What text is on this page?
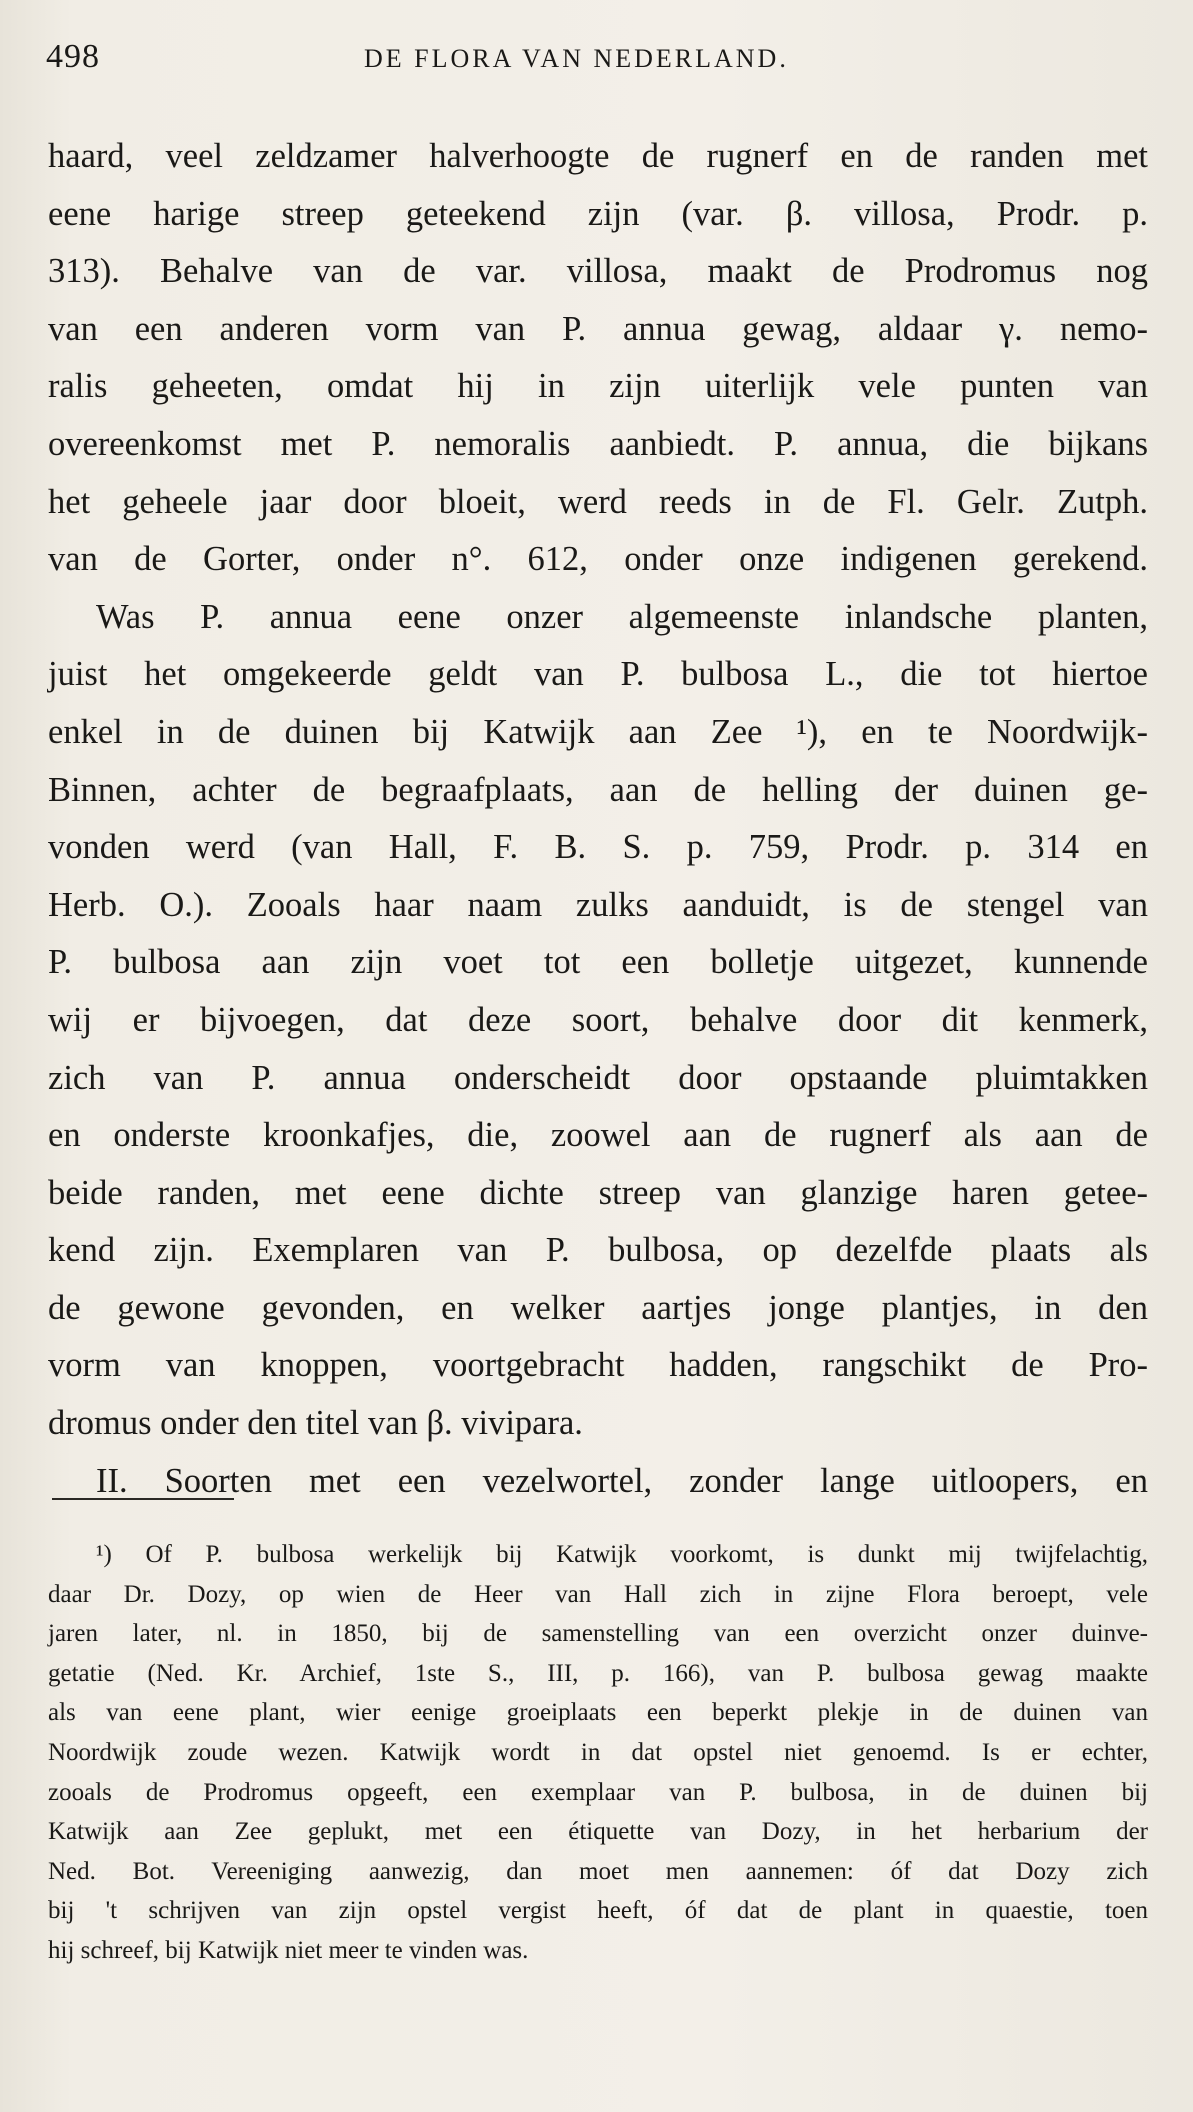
498	DE FLORA VAN NEDERLAND.
haard, veel zeldzamer halverhoogte de rugnerf en de randen met
eene harige streep geteekend zijn (var. β. villosa, Prodr. p.
313). Behalve van de var. villosa, maakt de Prodromus nog
van een anderen vorm van P. annua gewag, aldaar γ. nemo-
ralis geheeten, omdat hij in zijn uiterlijk vele punten van
overeenkomst met P. nemoralis aanbiedt. P. annua, die bijkans
het geheele jaar door bloeit, werd reeds in de Fl. Gelr. Zutph.
van de Gorter, onder n°. 612, onder onze indigenen gerekend.
Was P. annua eene onzer algemeenste inlandsche planten,
juist het omgekeerde geldt van P. bulbosa L., die tot hiertoe
enkel in de duinen bij Katwijk aan Zee ¹), en te Noordwijk-
Binnen, achter de begraafplaats, aan de helling der duinen ge-
vonden werd (van Hall, F. B. S. p. 759, Prodr. p. 314 en
Herb. O.). Zooals haar naam zulks aanduidt, is de stengel van
P. bulbosa aan zijn voet tot een bolletje uitgezet, kunnende
wij er bijvoegen, dat deze soort, behalve door dit kenmerk,
zich van P. annua onderscheidt door opstaande pluimtakken
en onderste kroonkafjes, die, zoowel aan de rugnerf als aan de
beide randen, met eene dichte streep van glanzige haren getee-
kend zijn. Exemplaren van P. bulbosa, op dezelfde plaats als
de gewone gevonden, en welker aartjes jonge plantjes, in den
vorm van knoppen, voortgebracht hadden, rangschikt de Pro-
dromus onder den titel van β. vivipara.
II. Soorten met een vezelwortel, zonder lange uitloopers, en
¹) Of P. bulbosa werkelijk bij Katwijk voorkomt, is dunkt mij twijfelachtig,
daar Dr. Dozy, op wien de Heer van Hall zich in zijne Flora beroept, vele
jaren later, nl. in 1850, bij de samenstelling van een overzicht onzer duinve-
getatie (Ned. Kr. Archief, 1ste S., III, p. 166), van P. bulbosa gewag maakte
als van eene plant, wier eenige groeiplaats een beperkt plekje in de duinen van
Noordwijk zoude wezen. Katwijk wordt in dat opstel niet genoemd. Is er echter,
zooals de Prodromus opgeeft, een exemplaar van P. bulbosa, in de duinen bij
Katwijk aan Zee geplukt, met een étiquette van Dozy, in het herbarium der
Ned. Bot. Vereeniging aanwezig, dan moet men aannemen: óf dat Dozy zich
bij 't schrijven van zijn opstel vergist heeft, óf dat de plant in quaestie, toen
hij schreef, bij Katwijk niet meer te vinden was.
